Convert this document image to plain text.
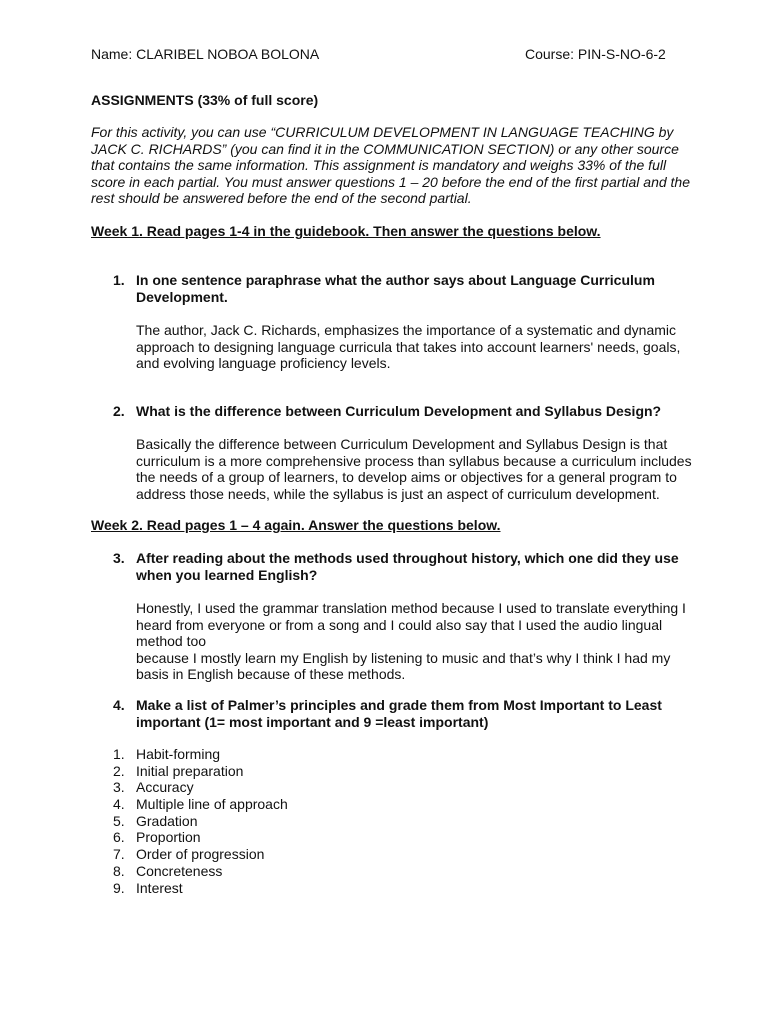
Name: CLARIBEL NOBOA BOLONA	Course: PIN-S-NO-6-2
ASSIGNMENTS (33% of full score)
For this activity, you can use “CURRICULUM DEVELOPMENT IN LANGUAGE TEACHING by JACK C. RICHARDS” (you can find it in the COMMUNICATION SECTION) or any other source that contains the same information. This assignment is mandatory and weighs 33% of the full score in each partial. You must answer questions 1 – 20 before the end of the first partial and the rest should be answered before the end of the second partial.
Week 1. Read pages 1-4 in the guidebook. Then answer the questions below.
1. In one sentence paraphrase what the author says about Language Curriculum Development.
The author, Jack C. Richards, emphasizes the importance of a systematic and dynamic approach to designing language curricula that takes into account learners' needs, goals, and evolving language proficiency levels.
2. What is the difference between Curriculum Development and Syllabus Design?
Basically the difference between Curriculum Development and Syllabus Design is that curriculum is a more comprehensive process than syllabus because a curriculum includes the needs of a group of learners, to develop aims or objectives for a general program to address those needs, while the syllabus is just an aspect of curriculum development.
Week 2. Read pages 1 – 4 again. Answer the questions below.
3. After reading about the methods used throughout history, which one did they use when you learned English?
Honestly, I used the grammar translation method because I used to translate everything I heard from everyone or from a song and I could also say that I used the audio lingual method too
because I mostly learn my English by listening to music and that’s why I think I had my basis in English because of these methods.
4. Make a list of Palmer’s principles and grade them from Most Important to Least important (1= most important and 9 =least important)
1. Habit-forming
2. Initial preparation
3. Accuracy
4. Multiple line of approach
5. Gradation
6. Proportion
7. Order of progression
8. Concreteness
9. Interest
